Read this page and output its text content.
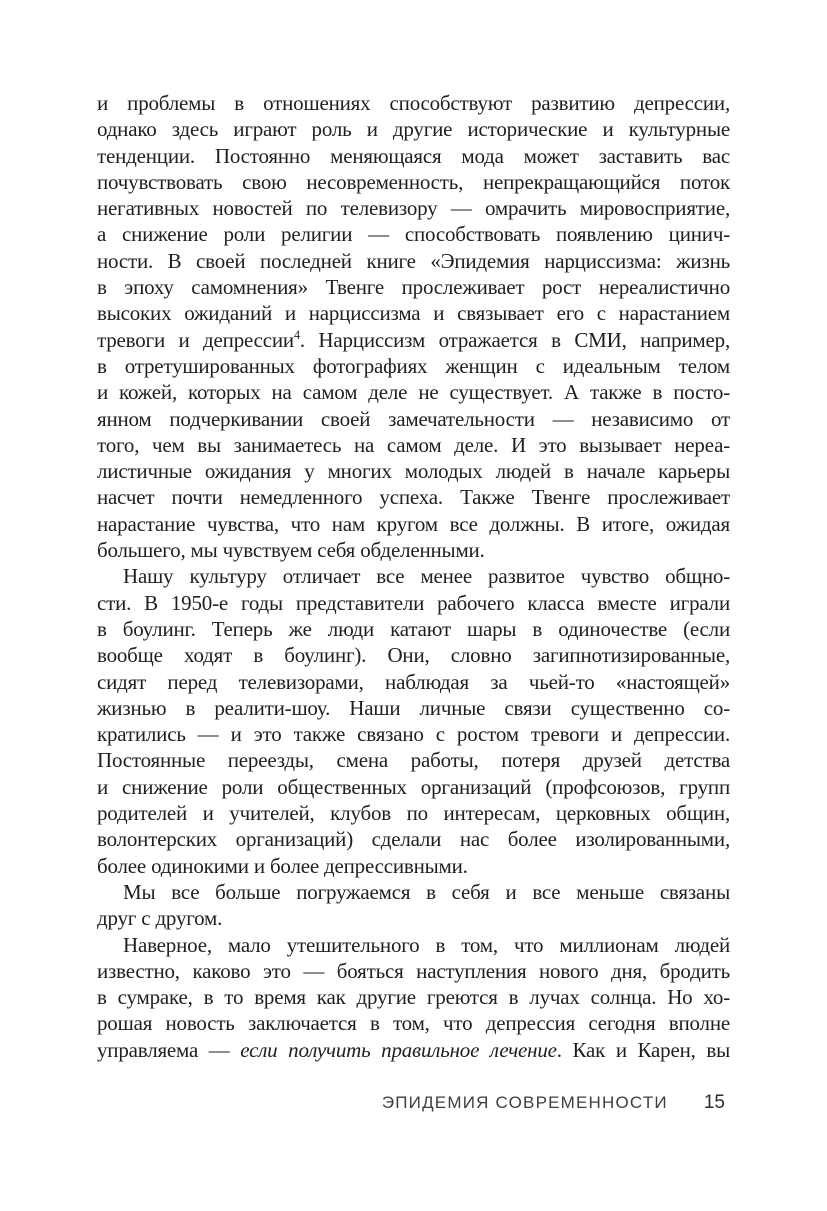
и проблемы в отношениях способствуют развитию депрессии,
однако здесь играют роль и другие исторические и культурные
тенденции. Постоянно меняющаяся мода может заставить вас
почувствовать свою несовременность, непрекращающийся поток
негативных новостей по телевизору — омрачить мировосприятие,
а снижение роли религии — способствовать появлению цинич-
ности. В своей последней книге «Эпидемия нарциссизма: жизнь
в эпоху самомнения» Твенге прослеживает рост нереалистично
высоких ожиданий и нарциссизма и связывает его с нарастанием
тревоги и депрессии$^4$. Нарциссизм отражается в СМИ, например,
в отретушированных фотографиях женщин с идеальным телом
и кожей, которых на самом деле не существует. А также в посто-
янном подчеркивании своей замечательности — независимо от
того, чем вы занимаетесь на самом деле. И это вызывает нереа-
листичные ожидания у многих молодых людей в начале карьеры
насчет почти немедленного успеха. Также Твенге прослеживает
нарастание чувства, что нам кругом все должны. В итоге, ожидая
большего, мы чувствуем себя обделенными.
Нашу культуру отличает все менее развитое чувство общно-
сти. В 1950-е годы представители рабочего класса вместе играли
в боулинг. Теперь же люди катают шары в одиночестве (если
вообще ходят в боулинг). Они, словно загипнотизированные,
сидят перед телевизорами, наблюдая за чьей-то «настоящей»
жизнью в реалити-шоу. Наши личные связи существенно со-
кратились — и это также связано с ростом тревоги и депрессии.
Постоянные переезды, смена работы, потеря друзей детства
и снижение роли общественных организаций (профсоюзов, групп
родителей и учителей, клубов по интересам, церковных общин,
волонтерских организаций) сделали нас более изолированными,
более одинокими и более депрессивными.
Мы все больше погружаемся в себя и все меньше связаны
друг с другом.
Наверное, мало утешительного в том, что миллионам людей
известно, каково это — бояться наступления нового дня, бродить
в сумраке, в то время как другие греются в лучах солнца. Но хо-
рошая новость заключается в том, что депрессия сегодня вполне
управляема — если получить правильное лечение. Как и Карен, вы
ЭПИДЕМИЯ СОВРЕМЕННОСТИ 15
